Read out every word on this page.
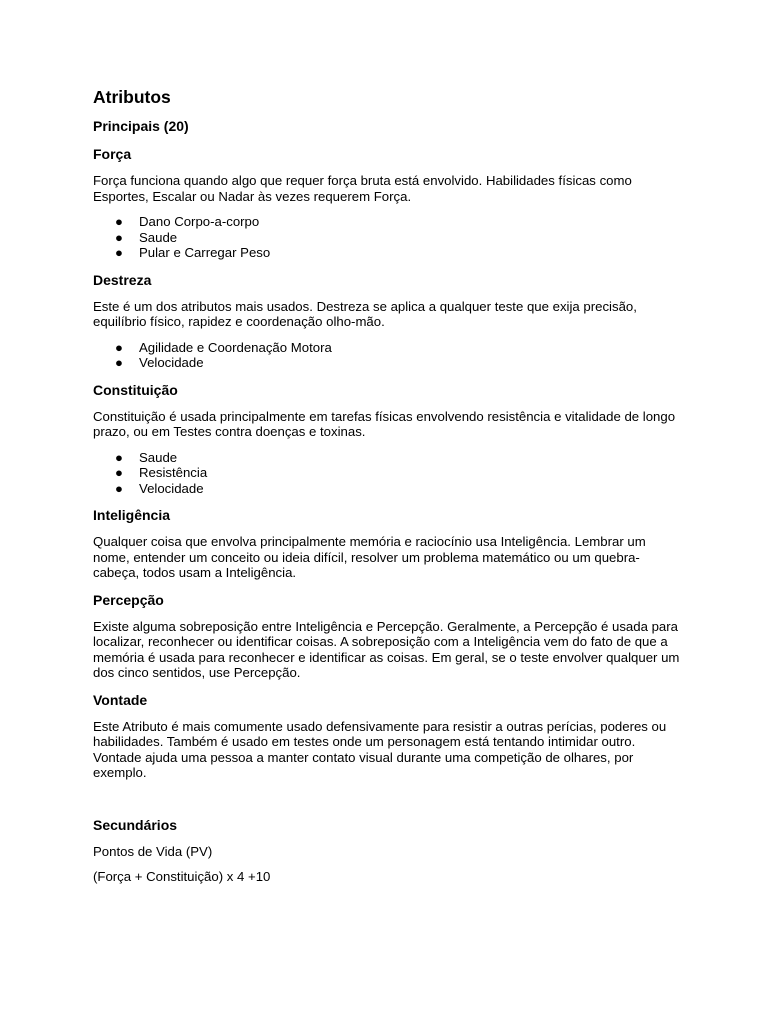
Atributos
Principais (20)
Força

Força funciona quando algo que requer força bruta está envolvido. Habilidades físicas como Esportes, Escalar ou Nadar às vezes requerem Força.

● Dano Corpo-a-corpo
● Saude
● Pular e Carregar Peso
Destreza

Este é um dos atributos mais usados. Destreza se aplica a qualquer teste que exija precisão, equilíbrio físico, rapidez e coordenação olho-mão.

● Agilidade e Coordenação Motora
● Velocidade
Constituição

Constituição é usada principalmente em tarefas físicas envolvendo resistência e vitalidade de longo prazo, ou em Testes contra doenças e toxinas.

● Saude
● Resistência
● Velocidade
Inteligência

Qualquer coisa que envolva principalmente memória e raciocínio usa Inteligência. Lembrar um nome, entender um conceito ou ideia difícil, resolver um problema matemático ou um quebra-cabeça, todos usam a Inteligência.

Percepção

Existe alguma sobreposição entre Inteligência e Percepção. Geralmente, a Percepção é usada para localizar, reconhecer ou identificar coisas. A sobreposição com a Inteligência vem do fato de que a memória é usada para reconhecer e identificar as coisas. Em geral, se o teste envolver qualquer um dos cinco sentidos, use Percepção.

Vontade

Este Atributo é mais comumente usado defensivamente para resistir a outras perícias, poderes ou habilidades. Também é usado em testes onde um personagem está tentando intimidar outro. Vontade ajuda uma pessoa a manter contato visual durante uma competição de olhares, por exemplo.

Secundários

Pontos de Vida (PV)

(Força + Constituição) x 4 +10
